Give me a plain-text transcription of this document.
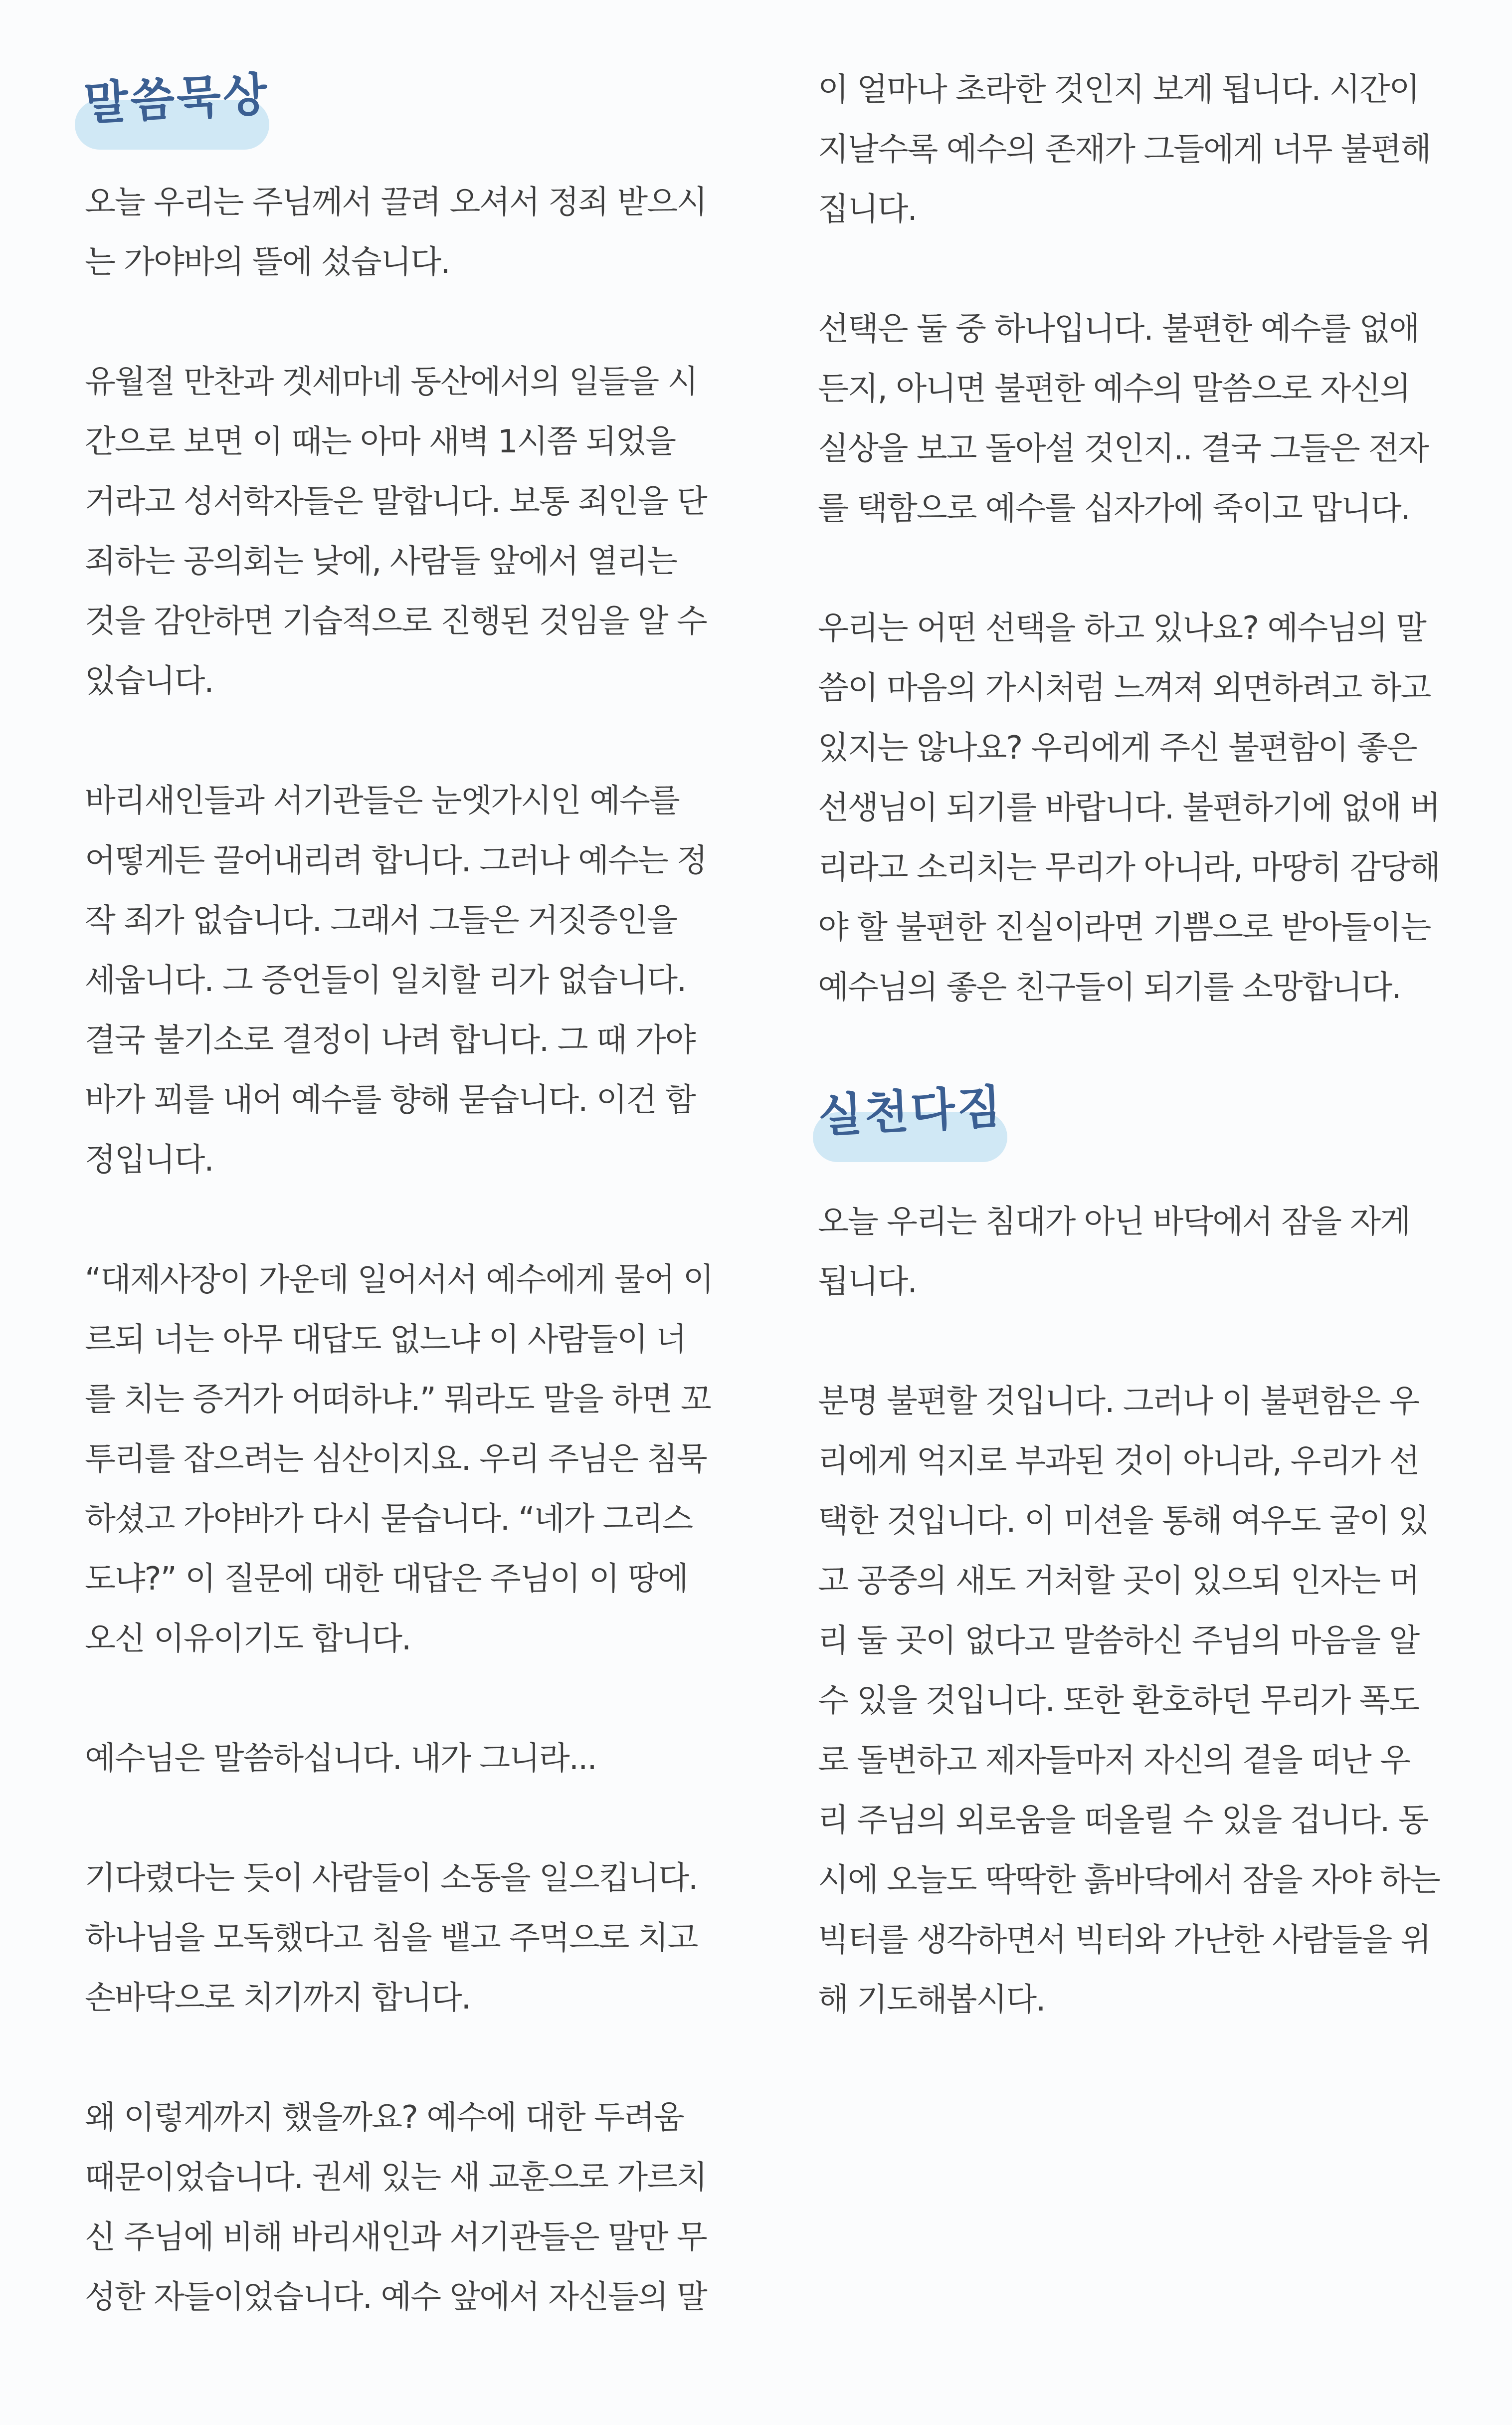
말씀묵상

오늘 우리는 주님께서 끌려 오셔서 정죄 받으시
는 가야바의 뜰에 섰습니다.

유월절 만찬과 겟세마네 동산에서의 일들을 시
간으로 보면 이 때는 아마 새벽 1시쯤 되었을
거라고 성서학자들은 말합니다. 보통 죄인을 단
죄하는 공의회는 낮에, 사람들 앞에서 열리는
것을 감안하면 기습적으로 진행된 것임을 알 수
있습니다.

바리새인들과 서기관들은 눈엣가시인 예수를
어떻게든 끌어내리려 합니다. 그러나 예수는 정
작 죄가 없습니다. 그래서 그들은 거짓증인을
세웁니다. 그 증언들이 일치할 리가 없습니다.
결국 불기소로 결정이 나려 합니다. 그 때 가야
바가 꾀를 내어 예수를 향해 묻습니다. 이건 함
정입니다.

“대제사장이 가운데 일어서서 예수에게 물어 이
르되 너는 아무 대답도 없느냐 이 사람들이 너
를 치는 증거가 어떠하냐.” 뭐라도 말을 하면 꼬
투리를 잡으려는 심산이지요. 우리 주님은 침묵
하셨고 가야바가 다시 묻습니다. “네가 그리스
도냐?” 이 질문에 대한 대답은 주님이 이 땅에
오신 이유이기도 합니다.

예수님은 말씀하십니다. 내가 그니라...

기다렸다는 듯이 사람들이 소동을 일으킵니다.
하나님을 모독했다고 침을 뱉고 주먹으로 치고
손바닥으로 치기까지 합니다.

왜 이렇게까지 했을까요? 예수에 대한 두려움
때문이었습니다. 권세 있는 새 교훈으로 가르치
신 주님에 비해 바리새인과 서기관들은 말만 무
성한 자들이었습니다. 예수 앞에서 자신들의 말

이 얼마나 초라한 것인지 보게 됩니다. 시간이
지날수록 예수의 존재가 그들에게 너무 불편해
집니다.

선택은 둘 중 하나입니다. 불편한 예수를 없애
든지, 아니면 불편한 예수의 말씀으로 자신의
실상을 보고 돌아설 것인지.. 결국 그들은 전자
를 택함으로 예수를 십자가에 죽이고 맙니다.

우리는 어떤 선택을 하고 있나요? 예수님의 말
씀이 마음의 가시처럼 느껴져 외면하려고 하고
있지는 않나요? 우리에게 주신 불편함이 좋은
선생님이 되기를 바랍니다. 불편하기에 없애 버
리라고 소리치는 무리가 아니라, 마땅히 감당해
야 할 불편한 진실이라면 기쁨으로 받아들이는
예수님의 좋은 친구들이 되기를 소망합니다.

실천다짐

오늘 우리는 침대가 아닌 바닥에서 잠을 자게
됩니다.

분명 불편할 것입니다. 그러나 이 불편함은 우
리에게 억지로 부과된 것이 아니라, 우리가 선
택한 것입니다. 이 미션을 통해 여우도 굴이 있
고 공중의 새도 거처할 곳이 있으되 인자는 머
리 둘 곳이 없다고 말씀하신 주님의 마음을 알
수 있을 것입니다. 또한 환호하던 무리가 폭도
로 돌변하고 제자들마저 자신의 곁을 떠난 우
리 주님의 외로움을 떠올릴 수 있을 겁니다. 동
시에 오늘도 딱딱한 흙바닥에서 잠을 자야 하는
빅터를 생각하면서 빅터와 가난한 사람들을 위
해 기도해봅시다.
